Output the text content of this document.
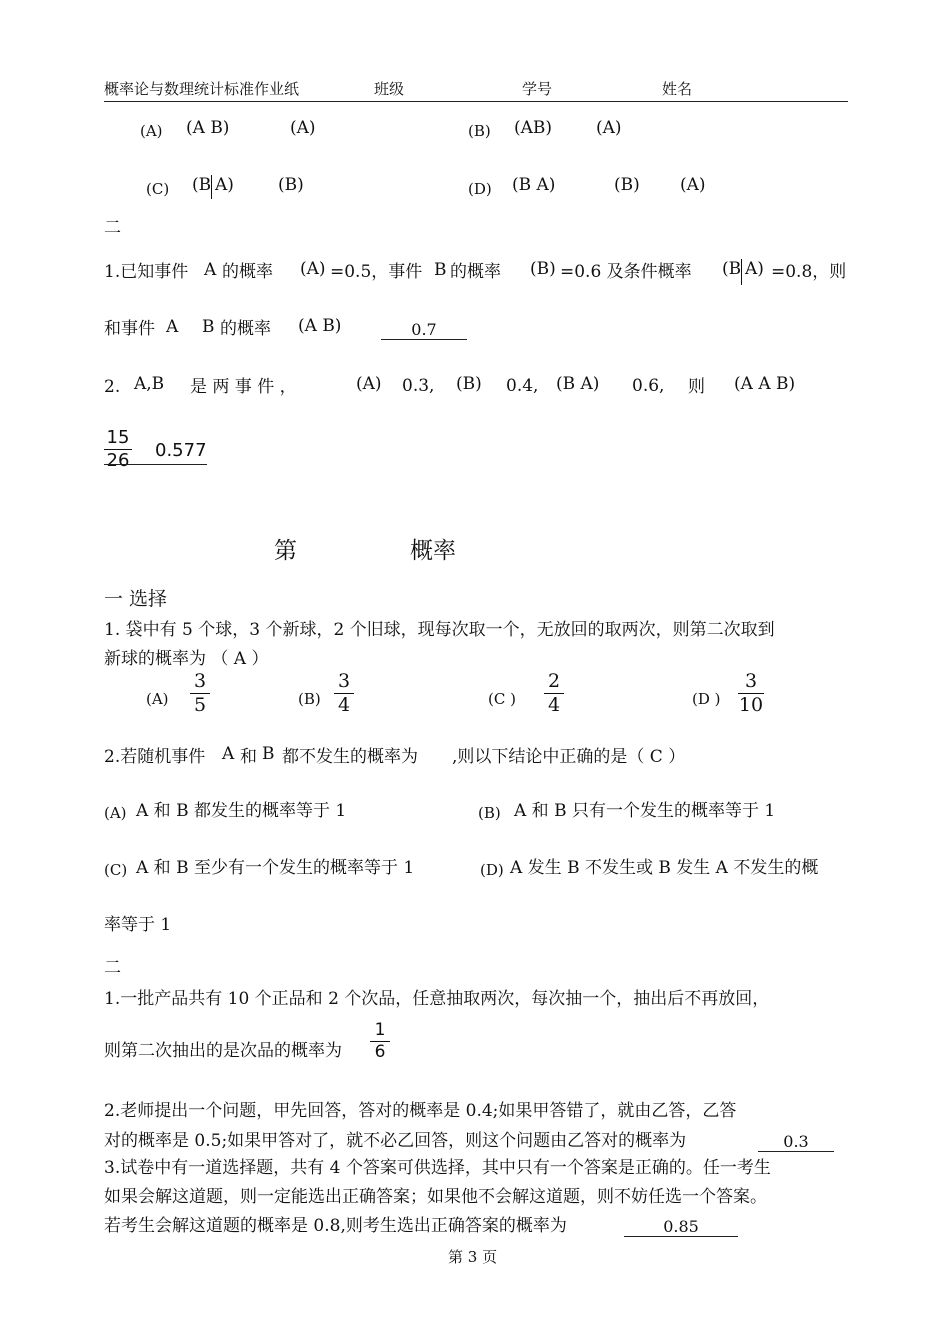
概率论与数理统计标准作业纸	班级	学号	姓名
(A) (A B)	(A)	(B) (AB)	(A)
(C) (B A)	(B)	(D) (B A)	(B) (A)
二
1.已知事件 A 的概率 (A) =0.5，事件 B 的概率 (B) =0.6 及条件概率 (B A) =0.8，则
和事件 A B 的概率 (A B)	0.7
2. A,B 是 两 事 件 ，	(A) 0.3, (B) 0.4, (B A) 0.6, 则 (A A B)
15
26 0.577
第	概率
一 选择
1. 袋中有 5 个球，3 个新球，2 个旧球，现每次取一个，无放回的取两次，则第二次取到
新球的概率为 （ A ）
(A)
3
5	(B)
3
4	(C )
2
4	(D )
3
10
2.若随机事件 A 和 B 都不发生的概率为 ,则以下结论中正确的是（ C ）
(A) A 和 B 都发生的概率等于 1	(B) A 和 B 只有一个发生的概率等于 1
(C) A 和 B 至少有一个发生的概率等于 1	(D) A 发生 B 不发生或 B 发生 A 不发生的概
率等于 1
二
1.一批产品共有 10 个正品和 2 个次品，任意抽取两次，每次抽一个，抽出后不再放回，
则第二次抽出的是次品的概率为
1
6
2.老师提出一个问题，甲先回答，答对的概率是 0.4;如果甲答错了，就由乙答，乙答
对的概率是 0.5;如果甲答对了，就不必乙回答，则这个问题由乙答对的概率为	0.3
3.试卷中有一道选择题，共有 4 个答案可供选择，其中只有一个答案是正确的。任一考生
如果会解这道题，则一定能选出正确答案；如果他不会解这道题，则不妨任选一个答案。
若考生会解这道题的概率是 0.8,则考生选出正确答案的概率为	0.85
第 3 页
